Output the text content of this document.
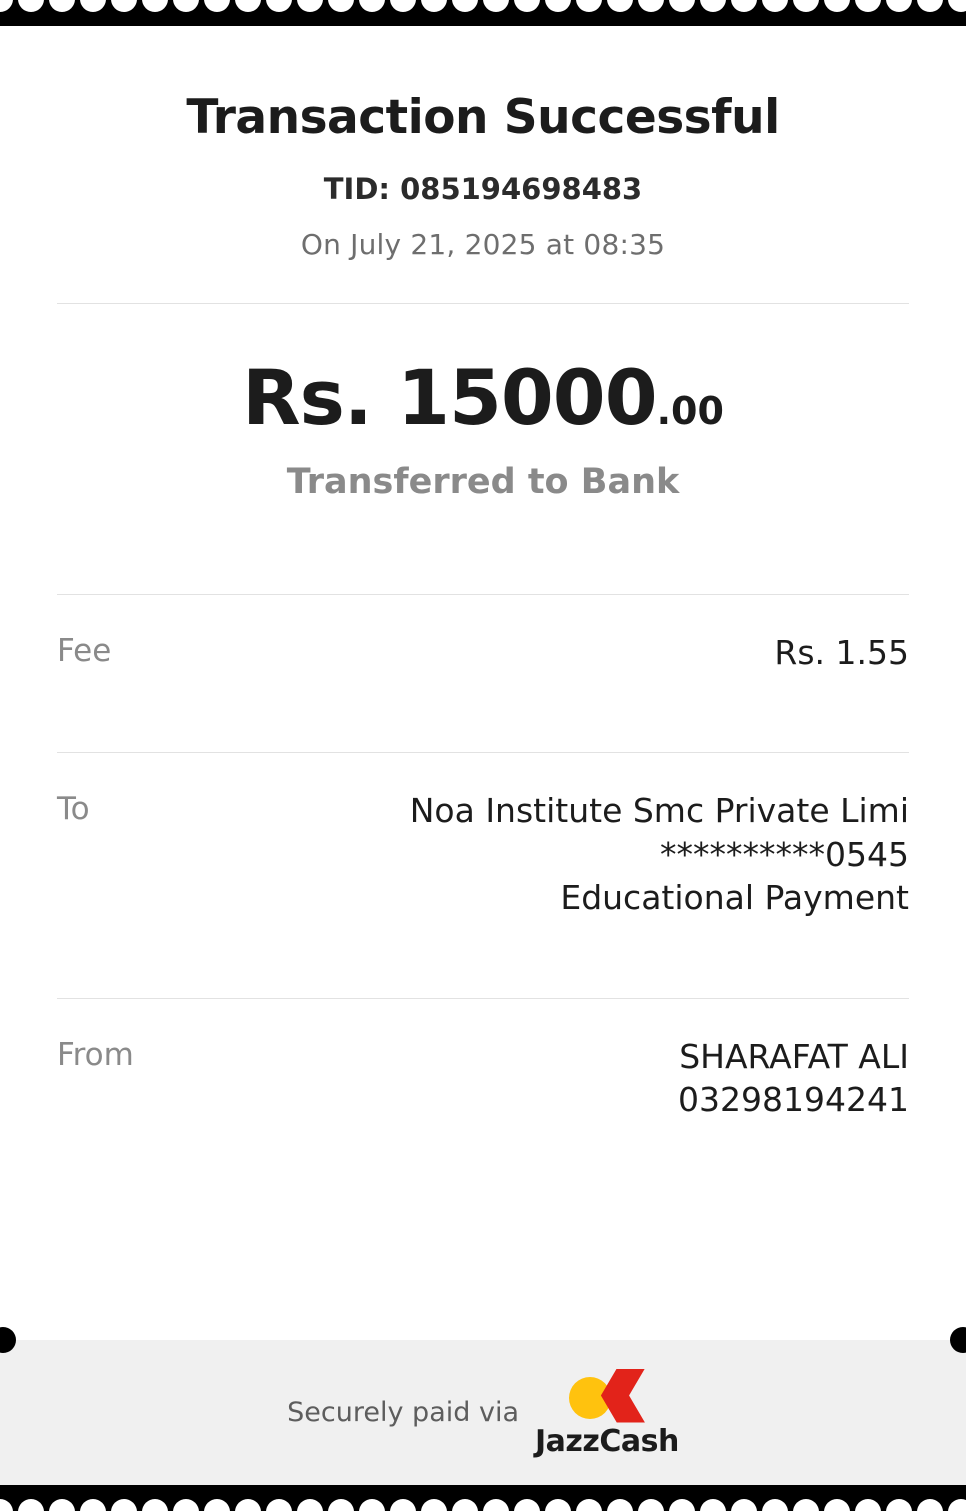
Transaction Successful
TID: 085194698483
On July 21, 2025 at 08:35
Rs. 15000.00
Transferred to Bank
Fee	Rs. 1.55
To	Noa Institute Smc Private Limi
**********0545
Educational Payment
From	SHARAFAT ALI
03298194241
Securely paid via
JazzCash
